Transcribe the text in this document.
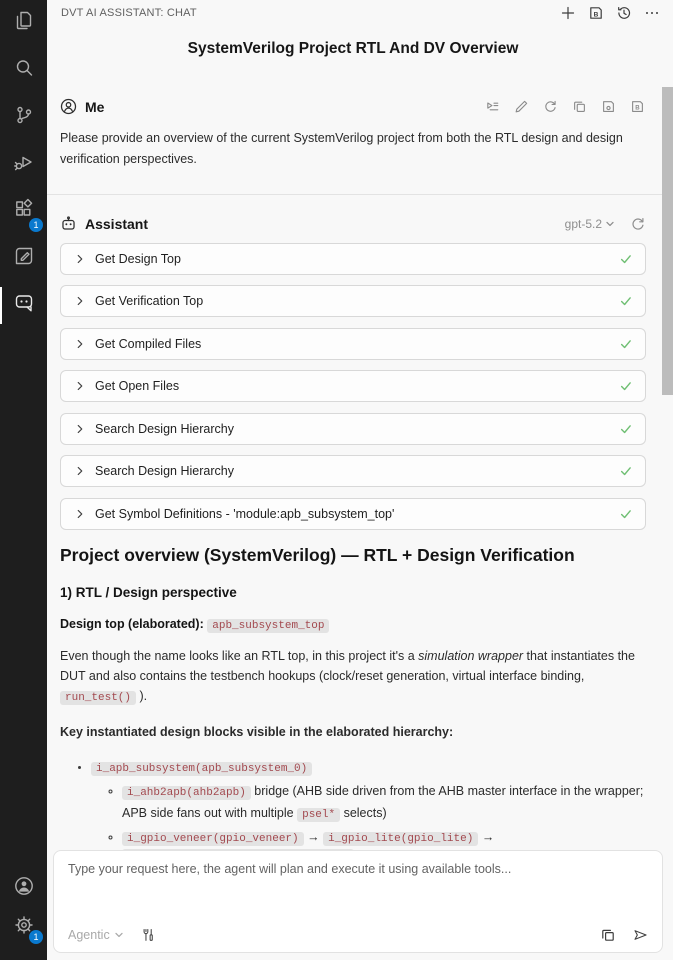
1
1
DVT AI ASSISTANT: CHAT	B
SystemVerilog Project RTL And DV Overview
Me	B

Please provide an overview of the current SystemVerilog project from both the RTL design and design verification perspectives.

Assistant	gpt-5.2
Get Design Top
Get Verification Top
Get Compiled Files
Get Open Files
Search Design Hierarchy
Search Design Hierarchy
Get Symbol Definitions - 'module:apb_subsystem_top'
Project overview (SystemVerilog) — RTL + Design Verification
1) RTL / Design perspective
Design top (elaborated): apb_subsystem_top

Even though the name looks like an RTL top, in this project it's a simulation wrapper that instantiates the DUT and also contains the testbench hookups (clock/reset generation, virtual interface binding, run_test() ).

Key instantiated design blocks visible in the elaborated hierarchy:

• i_apb_subsystem(apb_subsystem_0)
◦ i_ahb2apb(ahb2apb) bridge (AHB side driven from the AHB master interface in the wrapper; APB side fans out with multiple psel* selects)
◦ i_gpio_veneer(gpio_veneer) → i_gpio_lite(gpio_lite) →

Type your request here, the agent will plan and execute it using available tools...
Agentic
